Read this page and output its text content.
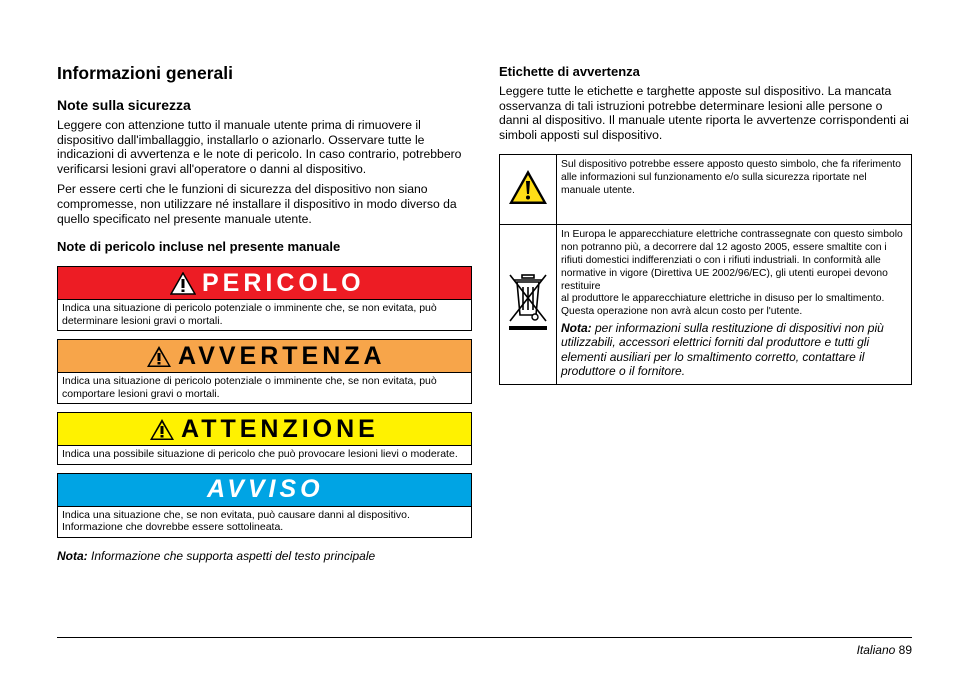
Informazioni generali
Note sulla sicurezza

Leggere con attenzione tutto il manuale utente prima di rimuovere il dispositivo dall'imballaggio, installarlo o azionarlo. Osservare tutte le indicazioni di avvertenza e le note di pericolo. In caso contrario, potrebbero verificarsi lesioni gravi all'operatore o danni al dispositivo.

Per essere certi che le funzioni di sicurezza del dispositivo non siano compromesse, non utilizzare né installare il dispositivo in modo diverso da quello specificato nel presente manuale utente.

Note di pericolo incluse nel presente manuale
PERICOLO
Indica una situazione di pericolo potenziale o imminente che, se non evitata, può determinare lesioni gravi o mortali.
AVVERTENZA
Indica una situazione di pericolo potenziale o imminente che, se non evitata, può comportare lesioni gravi o mortali.
ATTENZIONE
Indica una possibile situazione di pericolo che può provocare lesioni lievi o moderate.
AVVISO
Indica una situazione che, se non evitata, può causare danni al dispositivo. Informazione che dovrebbe essere sottolineata.

Nota: Informazione che supporta aspetti del testo principale

Etichette di avvertenza

Leggere tutte le etichette e targhette apposte sul dispositivo. La mancata osservanza di tali istruzioni potrebbe determinare lesioni alle persone o danni al dispositivo. Il manuale utente riporta le avvertenze corrispondenti ai simboli apposti sul dispositivo.

	Sul dispositivo potrebbe essere apposto questo simbolo, che fa riferimento alle informazioni sul funzionamento e/o sulla sicurezza riportate nel manuale utente.

In Europa le apparecchiature elettriche contrassegnate con questo simbolo non potranno più, a decorrere dal 12 agosto 2005, essere smaltite con i rifiuti domestici indifferenziati o con i rifiuti industriali. In conformità alle normative in vigore (Direttiva UE 2002/96/EC), gli utenti europei devono restituire
al produttore le apparecchiature elettriche in disuso per lo smaltimento. Questa operazione non avrà alcun costo per l'utente.
Nota: per informazioni sulla restituzione di dispositivi non più utilizzabili, accessori elettrici forniti dal produttore e tutti gli elementi ausiliari per lo smaltimento corretto, contattare il produttore o il fornitore.
Italiano 89
